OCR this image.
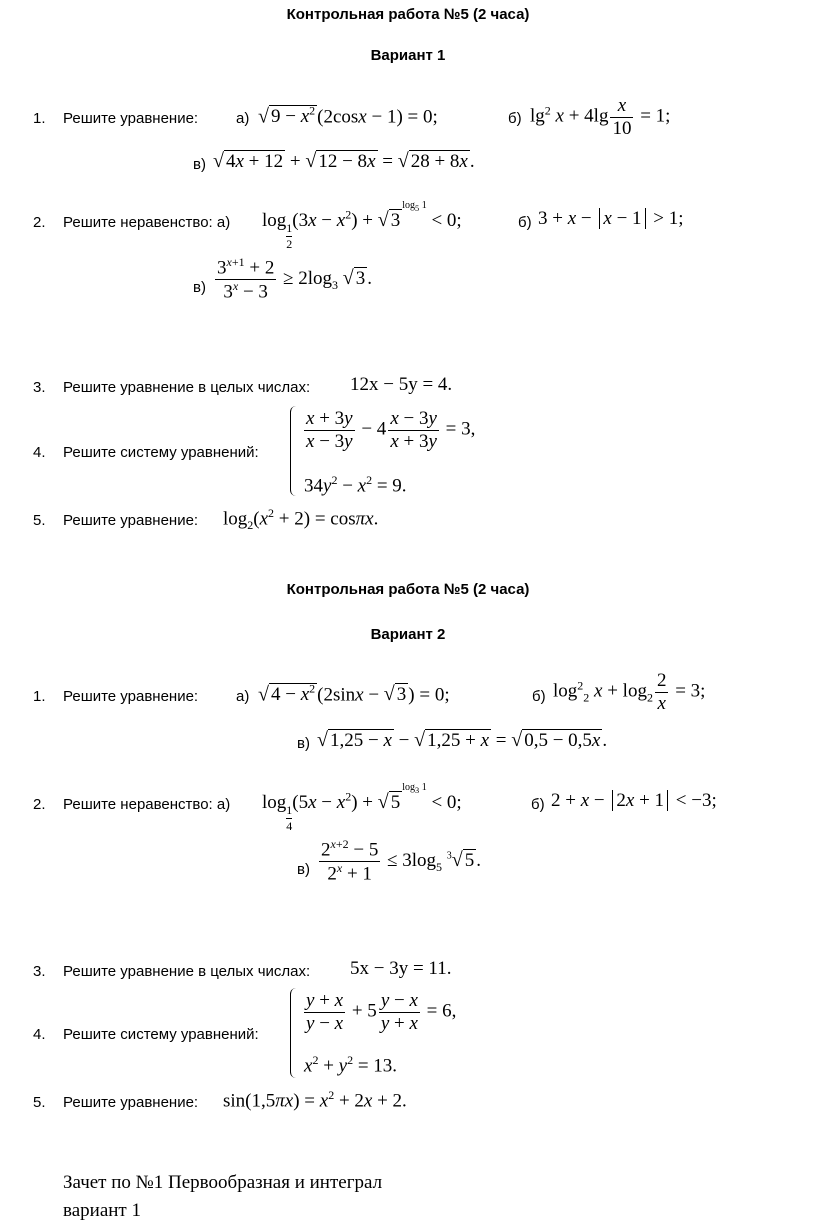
Контрольная работа №5 (2 часа)
Вариант 1
1. Решите уравнение:	а) √ $9 - x^2$ (2cosx − 1) = 0;	б) $\lg^2 x + 4\lg \frac{x}{10} = 1$;
в) √ 4x + 12 + √ 12 − 8x = √ 28 + 8x .
2. Решите неравенство: а) log
$\frac{1}{2}$
$(3x - x^2)$ + √ $3^{log_5 1} < 0$;	б) 3 + x − x − 1 > 1;
$в) \frac{3^{x+1} + 2}{3^x - 3} \ge 2\log_3$ √ 3 .
3. Решите уравнение в целых числах: 12x − 5y = 4.
4. Решите систему уравнений: $\frac{x + 3y}{x - 3y} - 4 \frac{x - 3y}{x + 3y} = 3$,
$34y^2 - x^2 = 9$.
5. Решите уравнение: $\log_2(x^2 + 2) = \cos\pi x$.
Контрольная работа №5 (2 часа)
Вариант 2
1. Решите уравнение:	а) √ $4 - x^2$ (2sinx − √ 3 ) = 0;	б) $\log^2_2 x + \log_2 \frac{2}{x} = 3$;
в) √ 1,25 − x − √ 1,25 + x = √ 0,5 − 0,5x .
2. Решите неравенство: а) log
$\frac{1}{4}$
$(5x - x^2)$ + √ $5^{log_3 1} < 0$;	б) 2 + x − 2x + 1 < −3;
$в) \frac{2^{x+2} - 5}{2^x + 1} \le 3\log_5$ $^3$√ 5 .
3. Решите уравнение в целых числах: 5x − 3y = 11.
4. Решите систему уравнений: $\frac{y + x}{y - x} + 5 \frac{y - x}{y + x} = 6$,
$x^2 + y^2 = 13$.
5. Решите уравнение: $\sin(1,5\pi x) = x^2 + 2x + 2$.
Зачет по №1 Первообразная и интеграл
вариант 1
